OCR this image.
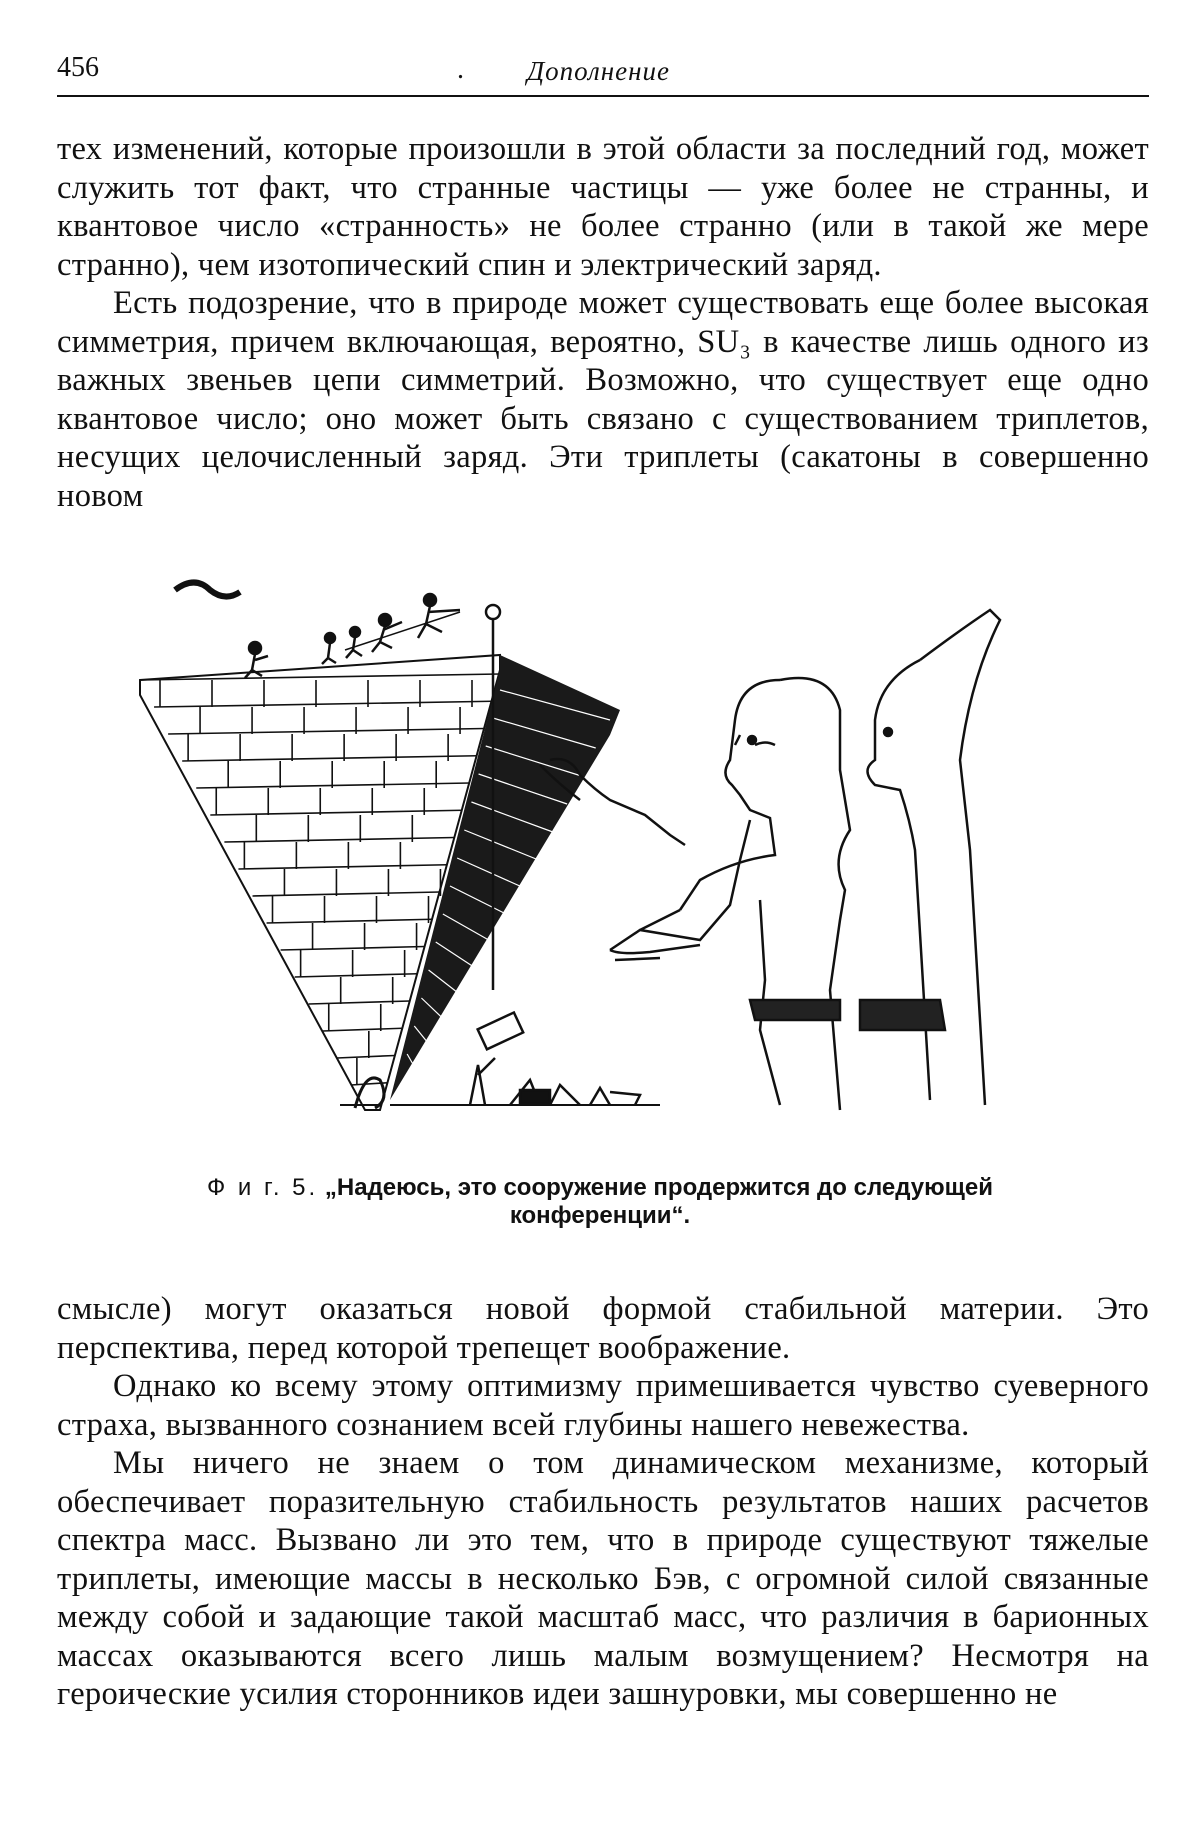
456	. Дополнение

тех изменений, которые произошли в этой области за последний год, может служить тот факт, что странные частицы — уже более не странны, и квантовое число «странность» не более странно (или в такой же мере странно), чем изотопический спин и электрический заряд.

Есть подозрение, что в природе может существовать еще более высокая симметрия, причем включающая, вероятно, SU₃ в качестве лишь одного из важных звеньев цепи симметрий. Возможно, что существует еще одно квантовое число; оно может быть связано с существованием триплетов, несущих целочисленный заряд. Эти триплеты (сакатоны в совершенно новом

Ф и г. 5. „Надеюсь, это сооружение продержится до следующей конференции“.

смысле) могут оказаться новой формой стабильной материи. Это перспектива, перед которой трепещет воображение.

Однако ко всему этому оптимизму примешивается чувство суеверного страха, вызванного сознанием всей глубины нашего невежества.

Мы ничего не знаем о том динамическом механизме, который обеспечивает поразительную стабильность результатов наших расчетов спектра масс. Вызвано ли это тем, что в природе существуют тяжелые триплеты, имеющие массы в несколько Бэв, с огромной силой связанные между собой и задающие такой масштаб масс, что различия в барионных массах оказываются всего лишь малым возмущением? Несмотря на героические усилия сторонников идеи зашнуровки, мы совершенно не
